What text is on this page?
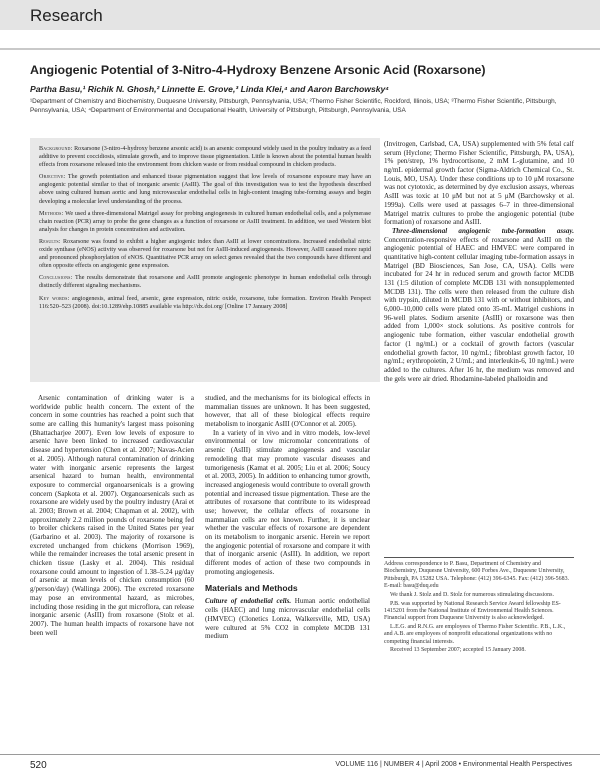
Research
Angiogenic Potential of 3-Nitro-4-Hydroxy Benzene Arsonic Acid (Roxarsone)
Partha Basu,¹ Richik N. Ghosh,² Linnette E. Grove,³ Linda Klei,⁴ and Aaron Barchowsky⁴
¹Department of Chemistry and Biochemistry, Duquesne University, Pittsburgh, Pennsylvania, USA; ²Thermo Fisher Scientific, Rockford, Illinois, USA; ³Thermo Fisher Scientific, Pittsburgh, Pennsylvania, USA; ⁴Department of Environmental and Occupational Health, University of Pittsburgh, Pittsburgh, Pennsylvania, USA

Background: Roxarsone (3-nitro-4-hydroxy benzene arsonic acid) is an arsenic compound widely used in the poultry industry as a feed additive to prevent coccidiosis, stimulate growth, and to improve tissue pigmentation. Little is known about the potential human health effects from roxarsone released into the environment from chicken waste or from residual compound in chicken products.

Objective: The growth potentiation and enhanced tissue pigmentation suggest that low levels of roxarsone exposure may have an angiogenic potential similar to that of inorganic arsenic (AsIII). The goal of this investigation was to test the hypothesis described above using cultured human aortic and lung microvascular endothelial cells in high-content imaging tube-forming assays and begin developing a molecular level understanding of the process.

Methods: We used a three-dimensional Matrigel assay for probing angiogenesis in cultured human endothelial cells, and a polymerase chain reaction (PCR) array to probe the gene changes as a function of roxarsone or AsIII treatment. In addition, we used Western blot analysis for changes in protein concentration and activation.

Results: Roxarsone was found to exhibit a higher angiogenic index than AsIII at lower concentrations. Increased endothelial nitric oxide synthase (eNOS) activity was observed for roxarsone but not for AsIII-induced angiogenesis. However, AsIII caused more rapid and pronounced phosphorylation of eNOS. Quantitative PCR array on select genes revealed that the two compounds have different and often opposite effects on angiogenic gene expression.

Conclusions: The results demonstrate that roxarsone and AsIII promote angiogenic phenotype in human endothelial cells through distinctly different signaling mechanisms.

Key words: angiogenesis, animal feed, arsenic, gene expression, nitric oxide, roxarsone, tube formation. Environ Health Perspect 116:520–523 (2008). doi:10.1289/ehp.10885 available via http://dx.doi.org/ [Online 17 January 2008]

Arsenic contamination of drinking water is a worldwide public health concern. The extent of the concern in some countries has reached a point such that some are calling this humanity's largest mass poisoning (Bhattacharjee 2007). Even low levels of exposure to arsenic have been linked to increased cardiovascular disease and hypertension (Chen et al. 2007; Navas-Acien et al. 2005). Although natural contamination of drinking water with inorganic arsenic represents the largest arsenical hazard to human health, environmental exposure to commercial organoarsenicals is a growing concern (Sapkota et al. 2007). Organoarsenicals such as roxarsone are widely used by the poultry industry (Arai et al. 2003; Brown et al. 2004; Chapman et al. 2002), with approximately 2.2 million pounds of roxarsone being fed to broiler chickens raised in the United States per year (Garbarino et al. 2003). The majority of roxarsone is excreted unchanged from chickens (Morrison 1969), while the remainder increases the total arsenic present in chicken tissue (Lasky et al. 2004). This residual roxarsone could amount to ingestion of 1.38–5.24 μg/day of arsenic at mean levels of chicken consumption (60 g/person/day) (Wallinga 2006). The excreted roxarsone may pose an environmental hazard, as microbes, including those residing in the gut microflora, can release inorganic arsenic (AsIII) from roxarsone (Stolz et al. 2007). The human health impacts of roxarsone have not been well

studied, and the mechanisms for its biological effects in mammalian tissues are unknown. It has been suggested, however, that all of these biological effects require metabolism to inorganic AsIII (O'Connor et al. 2005).

In a variety of in vivo and in vitro models, low-level environmental or low micromolar concentrations of arsenic (AsIII) stimulate angiogenesis and vascular remodeling that may promote vascular diseases and tumorigenesis (Kamat et al. 2005; Liu et al. 2006; Soucy et al. 2003, 2005). In addition to enhancing tumor growth, increased angiogenesis would contribute to overall growth potential and increased tissue pigmentation. These are the attributes of roxarsone that contribute to its widespread use; however, the cellular effects of roxarsone in mammalian cells are not known. Further, it is unclear whether the vascular effects of roxarsone are dependent on its metabolism to inorganic arsenic. Herein we report the angiogenic potential of roxarsone and compare it with that of inorganic arsenic (AsIII). In addition, we report different modes of action of these two compounds in promoting angiogenesis.

Materials and Methods

Culture of endothelial cells. Human aortic endothelial cells (HAEC) and lung microvascular endothelial cells (HMVEC) (Clonetics Lonza, Walkersville, MD, USA) were cultured at 5% CO2 in complete MCDB 131 medium

(Invitrogen, Carlsbad, CA, USA) supplemented with 5% fetal calf serum (Hyclone; Thermo Fisher Scientific, Pittsburgh, PA, USA), 1% pen/strep, 1% hydrocortisone, 2 mM L-glutamine, and 10 ng/mL epidermal growth factor (Sigma-Aldrich Chemical Co., St. Louis, MO, USA). Under these conditions up to 10 μM roxarsone was not cytotoxic, as determined by dye exclusion assays, whereas AsIII was toxic at 10 μM but not at 5 μM (Barchowsky et al. 1999a). Cells were used at passages 6–7 in three-dimensional Matrigel matrix cultures to probe the angiogenic potential (tube formation) of roxarsone and AsIII.

Three-dimensional angiogenic tube-formation assay. Concentration-responsive effects of roxarsone and AsIII on the angiogenic potential of HAEC and HMVEC were compared in quantitative high-content cellular imaging tube-formation assays in Matrigel (BD Biosciences, San Jose, CA, USA). Cells were incubated for 24 hr in reduced serum and growth factor MCDB 131 (1:5 dilution of complete MCDB 131 with nonsupplemented MCDB 131). The cells were then released from the culture dish with trypsin, diluted in MCDB 131 with or without inhibitors, and 6,000–10,000 cells were plated onto 35-mL Matrigel cushions in 96-well plates. Sodium arsenite (AsIII) or roxarsone was then added from 1,000× stock solutions. As positive controls for angiogenic tube formation, either vascular endothelial growth factor (1 ng/mL) or a cocktail of growth factors (vascular endothelial growth factor, 10 ng/mL; fibroblast growth factor, 10 ng/mL; erythropoietin, 2 U/mL; and interleukin-6, 10 ng/mL) were added to the cultures. After 16 hr, the medium was removed and the gels were air dried. Rhodamine-labeled phalloidin and

Address correspondence to P. Basu, Department of Chemistry and Biochemistry, Duquesne University, 600 Forbes Ave., Duquesne University, Pittsburgh, PA 15282 USA. Telephone: (412) 396-6345. Fax: (412) 396-5683. E-mail: basu@duq.edu

We thank J. Stolz and D. Stolz for numerous stimulating discussions.

P.B. was supported by National Research Service Award fellowship ES-1415201 from the National Institute of Environmental Health Sciences. Financial support from Duquesne University is also acknowledged.

L.E.G. and R.N.G. are employees of Thermo Fisher Scientific. P.B., L.K., and A.B. are employees of nonprofit educational organizations with no competing financial interests.

Received 13 September 2007; accepted 15 January 2008.

520	VOLUME 116 | NUMBER 4 | April 2008 • Environmental Health Perspectives
